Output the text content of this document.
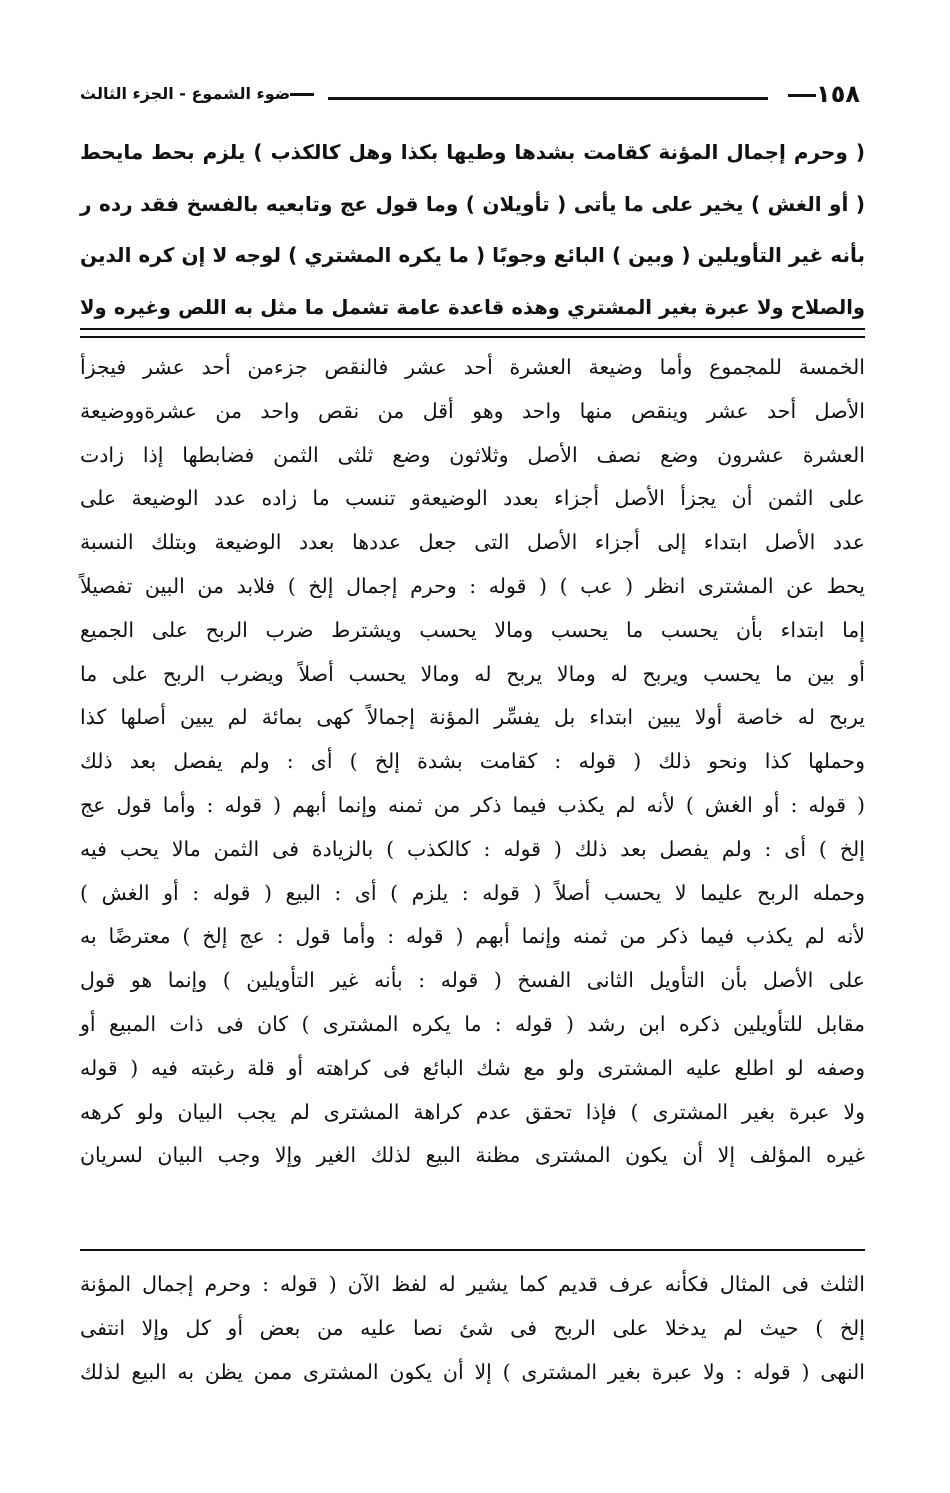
١٥٨
ضوء الشموع - الجزء الثالث
( وحرم إجمال المؤنة كقامت بشدها وطيها بكذا وهل كالكذب ) يلزم بحط مايحط
( أو الغش ) يخير على ما يأتى ( تأويلان ) وما قول عج وتابعيه بالفسخ فقد رده ر
بأنه غير التأويلين ( وبين ) البائع وجوبًا ( ما يكره المشتري ) لوجه لا إن كره الدين
والصلاح ولا عبرة بغير المشتري وهذه قاعدة عامة تشمل ما مثل به اللص وغيره ولا
الخمسة للمجموع وأما وضيعة العشرة أحد عشر فالنقص جزءمن أحد عشر فيجزأ
الأصل أحد عشر وينقص منها واحد وهو أقل من نقص واحد من عشرةووضيعة
العشرة عشرون وضع نصف الأصل وثلاثون وضع ثلثى الثمن فضابطها إذا زادت
على الثمن أن يجزأ الأصل أجزاء بعدد الوضيعةو تنسب ما زاده عدد الوضيعة على
عدد الأصل ابتداء إلى أجزاء الأصل التى جعل عددها بعدد الوضيعة وبتلك النسبة
يحط عن المشترى انظر ( عب ) ( قوله : وحرم إجمال إلخ ) فلابد من البين تفصيلاً
إما ابتداء بأن يحسب ما يحسب ومالا يحسب ويشترط ضرب الربح على الجميع
أو بين ما يحسب ويربح له ومالا يربح له ومالا يحسب أصلاً ويضرب الربح على ما
يربح له خاصة أولا يبين ابتداء بل يفسِّر المؤنة إجمالاً كهى بمائة لم يبين أصلها كذا
وحملها كذا ونحو ذلك ( قوله : كقامت بشدة إلخ ) أى : ولم يفصل بعد ذلك
( قوله : أو الغش ) لأنه لم يكذب فيما ذكر من ثمنه وإنما أبهم ( قوله : وأما قول عج
إلخ ) أى : ولم يفصل بعد ذلك ( قوله : كالكذب ) بالزيادة فى الثمن مالا يحب فيه
وحمله الربح عليما لا يحسب أصلاً ( قوله : يلزم ) أى : البيع ( قوله : أو الغش )
لأنه لم يكذب فيما ذكر من ثمنه وإنما أبهم ( قوله : وأما قول : عج إلخ ) معترضًا به
على الأصل بأن التأويل الثانى الفسخ ( قوله : بأنه غير التأويلين ) وإنما هو قول
مقابل للتأويلين ذكره ابن رشد ( قوله : ما يكره المشترى ) كان فى ذات المبيع أو
وصفه لو اطلع عليه المشترى ولو مع شك البائع فى كراهته أو قلة رغبته فيه ( قوله
ولا عبرة بغير المشترى ) فإذا تحقق عدم كراهة المشترى لم يجب البيان ولو كرهه
غيره المؤلف إلا أن يكون المشترى مظنة البيع لذلك الغير وإلا وجب البيان لسريان
الثلث فى المثال فكأنه عرف قديم كما يشير له لفظ الآن ( قوله : وحرم إجمال المؤنة
إلخ ) حيث لم يدخلا على الربح فى شئ نصا عليه من بعض أو كل وإلا انتفى
النهى ( قوله : ولا عبرة بغير المشترى ) إلا أن يكون المشترى ممن يظن به البيع لذلك
